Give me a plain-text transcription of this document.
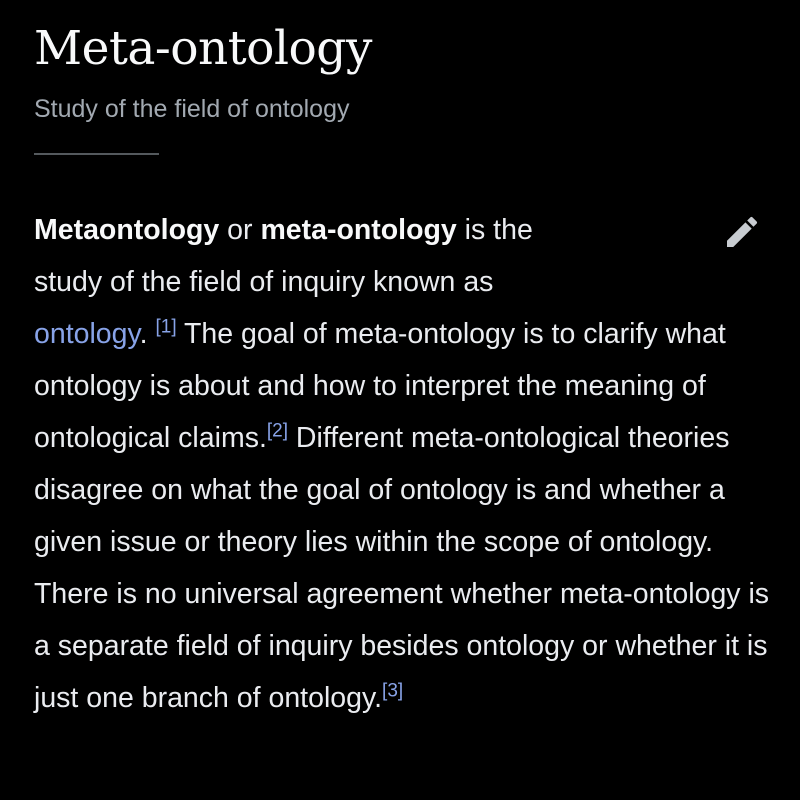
Meta-ontology
Study of the field of ontology

Metaontology or meta-ontology is the
study of the field of inquiry known as
ontology. [1] The goal of meta-ontology is to clarify what ontology is about and how to interpret the meaning of ontological claims.[2] Different meta-ontological theories disagree on what the goal of ontology is and whether a given issue or theory lies within the scope of ontology. There is no universal agreement whether meta-ontology is a separate field of inquiry besides ontology or whether it is just one branch of ontology.[3]
